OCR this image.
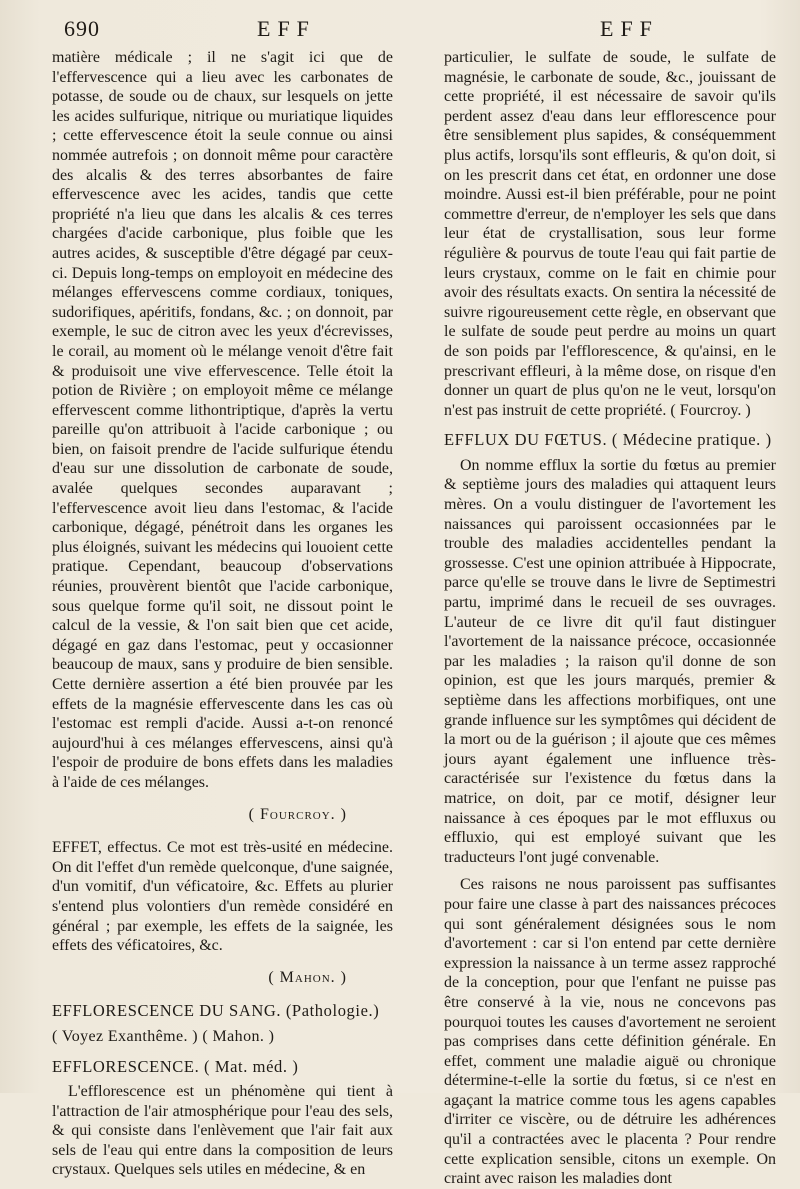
690	EFF	EFF

matière médicale ; il ne s'agit ici que de l'effervescence qui a lieu avec les carbonates de potasse, de soude ou de chaux, sur lesquels on jette les acides sulfurique, nitrique ou muriatique liquides ; cette effervescence étoit la seule connue ou ainsi nommée autrefois ; on donnoit même pour caractère des alcalis & des terres absorbantes de faire effervescence avec les acides, tandis que cette propriété n'a lieu que dans les alcalis & ces terres chargées d'acide carbonique, plus foible que les autres acides, & susceptible d'être dégagé par ceux-ci. Depuis long-temps on employoit en médecine des mélanges effervescens comme cordiaux, toniques, sudorifiques, apéritifs, fondans, &c. ; on donnoit, par exemple, le suc de citron avec les yeux d'écrevisses, le corail, au moment où le mélange venoit d'être fait & produisoit une vive effervescence. Telle étoit la potion de Rivière ; on employoit même ce mélange effervescent comme lithontriptique, d'après la vertu pareille qu'on attribuoit à l'acide carbonique ; ou bien, on faisoit prendre de l'acide sulfurique étendu d'eau sur une dissolution de carbonate de soude, avalée quelques secondes auparavant ; l'effervescence avoit lieu dans l'estomac, & l'acide carbonique, dégagé, pénétroit dans les organes les plus éloignés, suivant les médecins qui louoient cette pratique. Cependant, beaucoup d'observations réunies, prouvèrent bientôt que l'acide carbonique, sous quelque forme qu'il soit, ne dissout point le calcul de la vessie, & l'on sait bien que cet acide, dégagé en gaz dans l'estomac, peut y occasionner beaucoup de maux, sans y produire de bien sensible. Cette dernière assertion a été bien prouvée par les effets de la magnésie effervescente dans les cas où l'estomac est rempli d'acide. Aussi a-t-on renoncé aujourd'hui à ces mélanges effervescens, ainsi qu'à l'espoir de produire de bons effets dans les maladies à l'aide de ces mélanges.

( Fourcroy. )

EFFET, effectus. Ce mot est très-usité en médecine. On dit l'effet d'un remède quelconque, d'une saignée, d'un vomitif, d'un véficatoire, &c. Effets au plurier s'entend plus volontiers d'un remède considéré en général ; par exemple, les effets de la saignée, les effets des véficatoires, &c.

( Mahon. )
EFFLORESCENCE DU SANG. (Pathologie.)
( Voyez Exanthême. ) ( Mahon. )
EFFLORESCENCE. ( Mat. méd. )

L'efflorescence est un phénomène qui tient à l'attraction de l'air atmosphérique pour l'eau des sels, & qui consiste dans l'enlèvement que l'air fait aux sels de l'eau qui entre dans la composition de leurs crystaux. Quelques sels utiles en médecine, & en

particulier, le sulfate de soude, le sulfate de magnésie, le carbonate de soude, &c., jouissant de cette propriété, il est nécessaire de savoir qu'ils perdent assez d'eau dans leur efflorescence pour être sensiblement plus sapides, & conséquemment plus actifs, lorsqu'ils sont effleuris, & qu'on doit, si on les prescrit dans cet état, en ordonner une dose moindre. Aussi est-il bien préférable, pour ne point commettre d'erreur, de n'employer les sels que dans leur état de crystallisation, sous leur forme régulière & pourvus de toute l'eau qui fait partie de leurs crystaux, comme on le fait en chimie pour avoir des résultats exacts. On sentira la nécessité de suivre rigoureusement cette règle, en observant que le sulfate de soude peut perdre au moins un quart de son poids par l'efflorescence, & qu'ainsi, en le prescrivant effleuri, à la même dose, on risque d'en donner un quart de plus qu'on ne le veut, lorsqu'on n'est pas instruit de cette propriété. ( Fourcroy. )

EFFLUX DU FŒTUS. ( Médecine pratique. )

On nomme efflux la sortie du fœtus au premier & septième jours des maladies qui attaquent leurs mères. On a voulu distinguer de l'avortement les naissances qui paroissent occasionnées par le trouble des maladies accidentelles pendant la grossesse. C'est une opinion attribuée à Hippocrate, parce qu'elle se trouve dans le livre de Septimestri partu, imprimé dans le recueil de ses ouvrages. L'auteur de ce livre dit qu'il faut distinguer l'avortement de la naissance précoce, occasionnée par les maladies ; la raison qu'il donne de son opinion, est que les jours marqués, premier & septième dans les affections morbifiques, ont une grande influence sur les symptômes qui décident de la mort ou de la guérison ; il ajoute que ces mêmes jours ayant également une influence très-caractérisée sur l'existence du fœtus dans la matrice, on doit, par ce motif, désigner leur naissance à ces époques par le mot effluxus ou effluxio, qui est employé suivant que les traducteurs l'ont jugé convenable.

Ces raisons ne nous paroissent pas suffisantes pour faire une classe à part des naissances précoces qui sont généralement désignées sous le nom d'avortement : car si l'on entend par cette dernière expression la naissance à un terme assez rapproché de la conception, pour que l'enfant ne puisse pas être conservé à la vie, nous ne concevons pas pourquoi toutes les causes d'avortement ne seroient pas comprises dans cette définition générale. En effet, comment une maladie aiguë ou chronique détermine-t-elle la sortie du fœtus, si ce n'est en agaçant la matrice comme tous les agens capables d'irriter ce viscère, ou de détruire les adhérences qu'il a contractées avec le placenta ? Pour rendre cette explication sensible, citons un exemple. On craint avec raison les maladies dont
